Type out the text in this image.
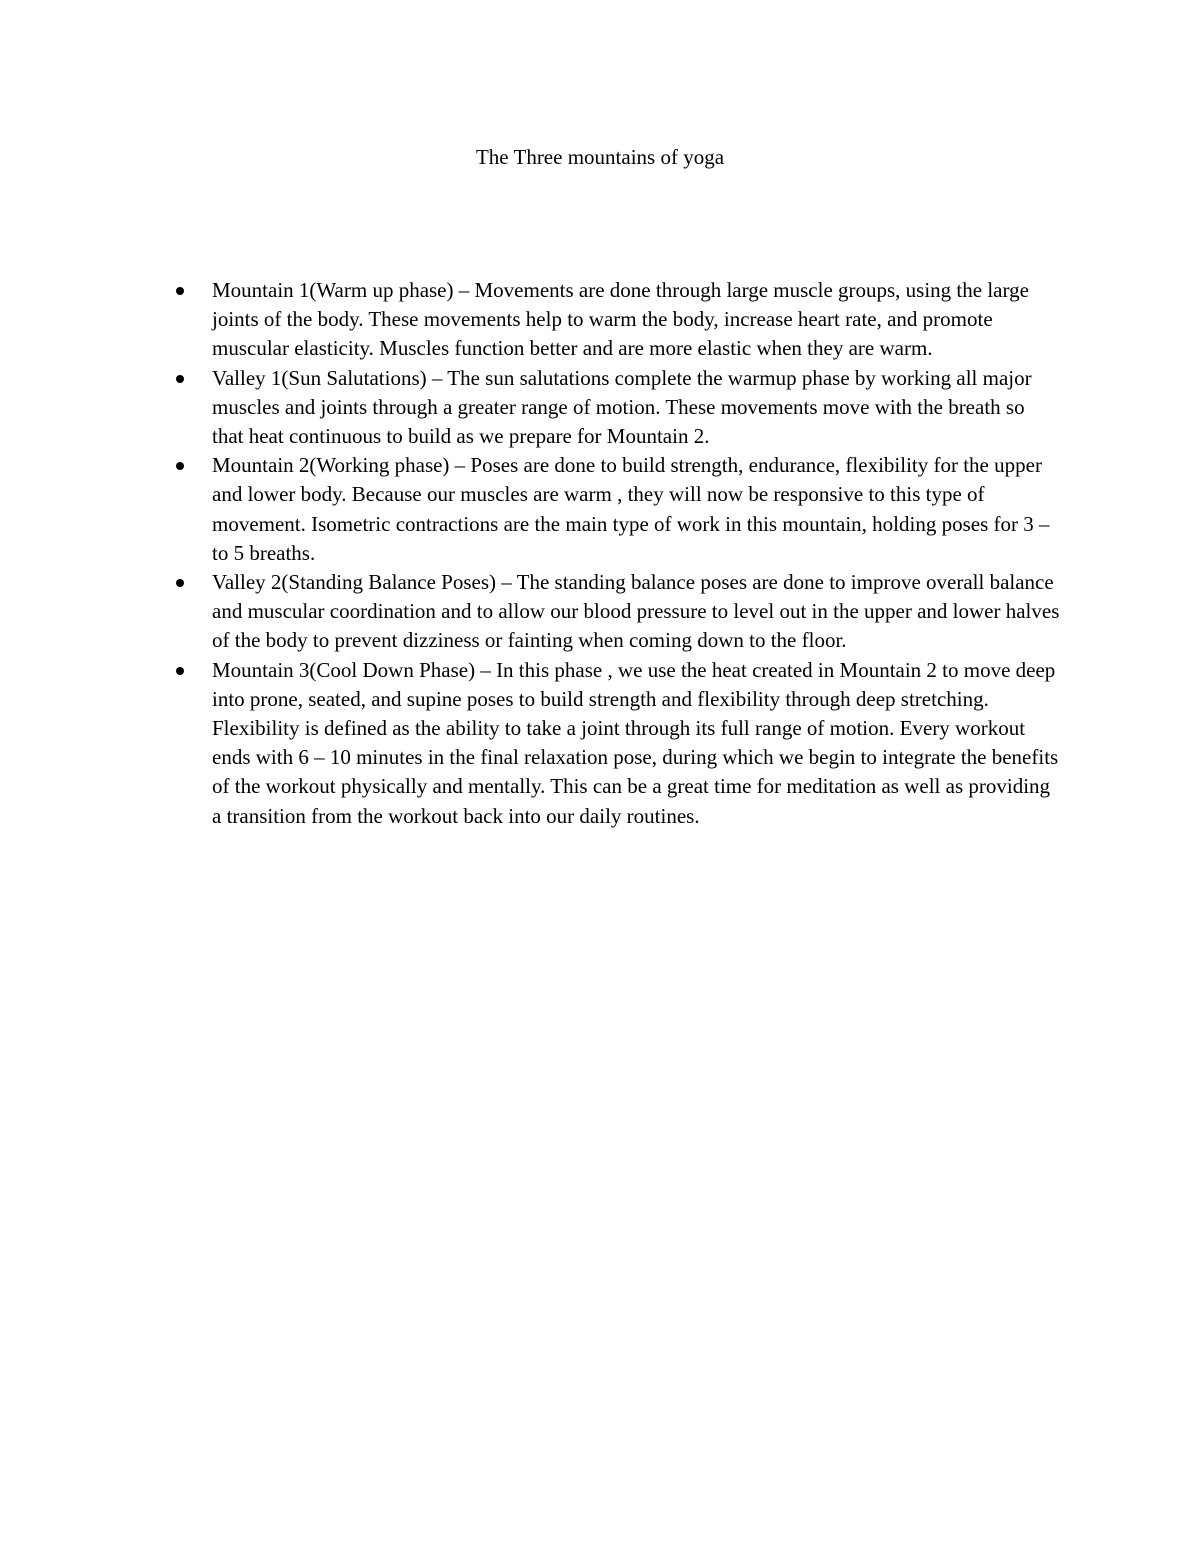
The Three mountains of yoga
Mountain 1(Warm up phase) – Movements are done through large muscle groups, using the large joints of the body. These movements help to warm the body, increase heart rate, and promote muscular elasticity. Muscles function better and are more elastic when they are warm.
Valley 1(Sun Salutations) – The sun salutations complete the warmup phase by working all major muscles and joints through a greater range of motion. These movements move with the breath so that heat continuous to build as we prepare for Mountain 2.
Mountain 2(Working phase) – Poses are done to build strength, endurance, flexibility for the upper and lower body. Because our muscles are warm , they will now be responsive to this type of movement. Isometric contractions are the main type of work in this mountain, holding poses for 3 – to 5 breaths.
Valley 2(Standing Balance Poses) – The standing balance poses are done to improve overall balance and muscular coordination and to allow our blood pressure to level out in the upper and lower halves of the body to prevent dizziness or fainting when coming down to the floor.
Mountain 3(Cool Down Phase) – In this phase , we use the heat created in Mountain 2 to move deep into prone, seated, and supine poses to build strength and flexibility through deep stretching. Flexibility is defined as the ability to take a joint through its full range of motion. Every workout ends with 6 – 10 minutes in the final relaxation pose, during which we begin to integrate the benefits of the workout physically and mentally. This can be a great time for meditation as well as providing a transition from the workout back into our daily routines.
